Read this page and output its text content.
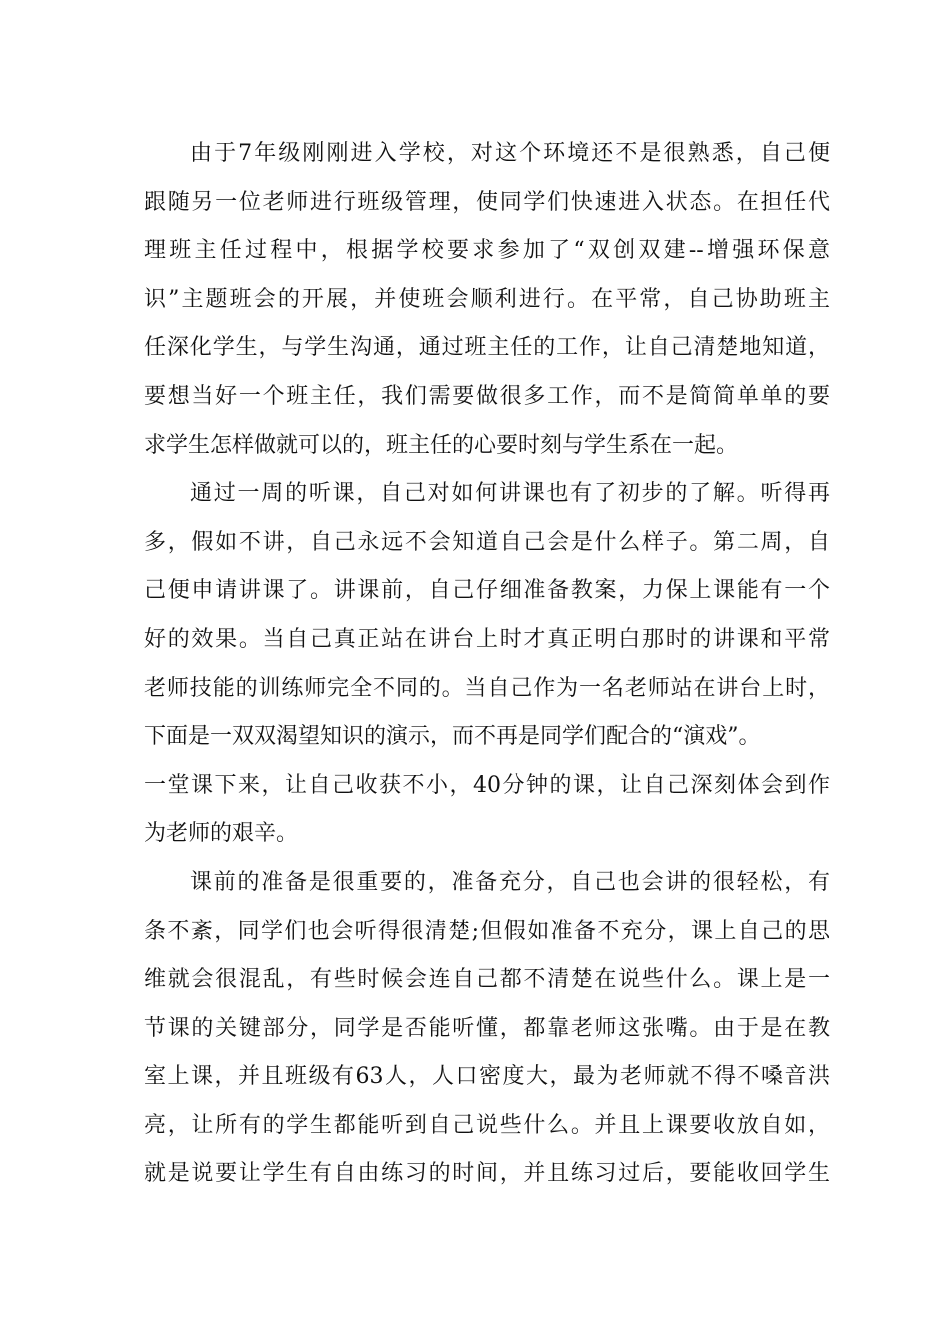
由于7年级刚刚进入学校，对这个环境还不是很熟悉，自己便
跟随另一位老师进行班级管理，使同学们快速进入状态。在担任代
理班主任过程中，根据学校要求参加了“双创双建--增强环保意
识”主题班会的开展，并使班会顺利进行。在平常，自己协助班主
任深化学生，与学生沟通，通过班主任的工作，让自己清楚地知道，
要想当好一个班主任，我们需要做很多工作，而不是简简单单的要
求学生怎样做就可以的，班主任的心要时刻与学生系在一起。
通过一周的听课，自己对如何讲课也有了初步的了解。听得再
多，假如不讲，自己永远不会知道自己会是什么样子。第二周，自
己便申请讲课了。讲课前，自己仔细准备教案，力保上课能有一个
好的效果。当自己真正站在讲台上时才真正明白那时的讲课和平常
老师技能的训练师完全不同的。当自己作为一名老师站在讲台上时，
下面是一双双渴望知识的演示，而不再是同学们配合的“演戏”。
一堂课下来，让自己收获不小，40分钟的课，让自己深刻体会到作
为老师的艰辛。
课前的准备是很重要的，准备充分，自己也会讲的很轻松，有
条不紊，同学们也会听得很清楚;但假如准备不充分，课上自己的思
维就会很混乱，有些时候会连自己都不清楚在说些什么。课上是一
节课的关键部分，同学是否能听懂，都靠老师这张嘴。由于是在教
室上课，并且班级有63人，人口密度大，最为老师就不得不嗓音洪
亮，让所有的学生都能听到自己说些什么。并且上课要收放自如，
就是说要让学生有自由练习的时间，并且练习过后，要能收回学生
